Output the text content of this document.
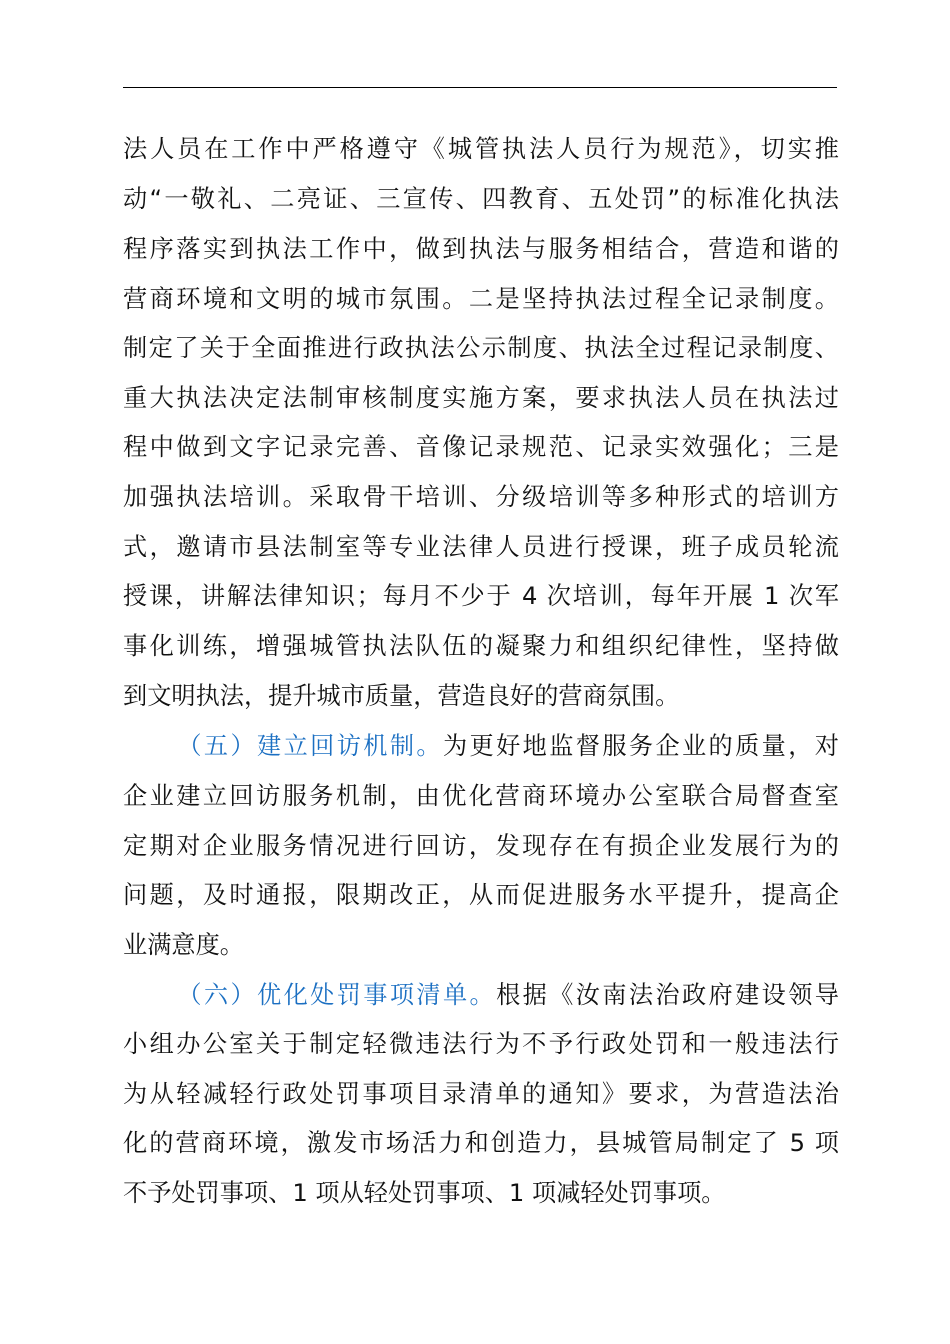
法人员在工作中严格遵守《城管执法人员行为规范》，切实推
动“一敬礼、二亮证、三宣传、四教育、五处罚”的标准化执法
程序落实到执法工作中，做到执法与服务相结合，营造和谐的
营商环境和文明的城市氛围。二是坚持执法过程全记录制度。
制定了关于全面推进行政执法公示制度、执法全过程记录制度、
重大执法决定法制审核制度实施方案，要求执法人员在执法过
程中做到文字记录完善、音像记录规范、记录实效强化；三是
加强执法培训。采取骨干培训、分级培训等多种形式的培训方
式，邀请市县法制室等专业法律人员进行授课，班子成员轮流
授课，讲解法律知识；每月不少于 4 次培训，每年开展 1 次军
事化训练，增强城管执法队伍的凝聚力和组织纪律性，坚持做
到文明执法，提升城市质量，营造良好的营商氛围。
（五）建立回访机制。为更好地监督服务企业的质量，对
企业建立回访服务机制，由优化营商环境办公室联合局督查室
定期对企业服务情况进行回访，发现存在有损企业发展行为的
问题，及时通报，限期改正，从而促进服务水平提升，提高企
业满意度。
（六）优化处罚事项清单。根据《汝南法治政府建设领导
小组办公室关于制定轻微违法行为不予行政处罚和一般违法行
为从轻减轻行政处罚事项目录清单的通知》要求，为营造法治
化的营商环境，激发市场活力和创造力，县城管局制定了 5 项
不予处罚事项、1 项从轻处罚事项、1 项减轻处罚事项。
